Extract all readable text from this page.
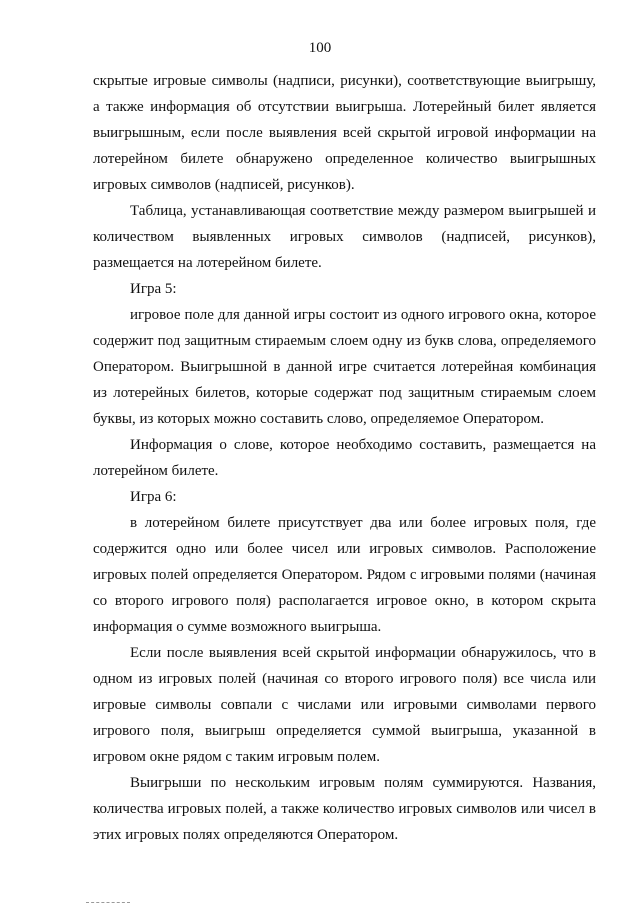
100

скрытые игровые символы (надписи, рисунки), соответствующие выигрышу, а также информация об отсутствии выигрыша. Лотерейный билет является выигрышным, если после выявления всей скрытой игровой информации на лотерейном билете обнаружено определенное количество выигрышных игровых символов (надписей, рисунков).

Таблица, устанавливающая соответствие между размером выигрышей и количеством выявленных игровых символов (надписей, рисунков), размещается на лотерейном билете.

Игра 5:

игровое поле для данной игры состоит из одного игрового окна, которое содержит под защитным стираемым слоем одну из букв слова, определяемого Оператором. Выигрышной в данной игре считается лотерейная комбинация из лотерейных билетов, которые содержат под защитным стираемым слоем буквы, из которых можно составить слово, определяемое Оператором.

Информация о слове, которое необходимо составить, размещается на лотерейном билете.

Игра 6:

в лотерейном билете присутствует два или более игровых поля, где содержится одно или более чисел или игровых символов. Расположение игровых полей определяется Оператором. Рядом с игровыми полями (начиная со второго игрового поля) располагается игровое окно, в котором скрыта информация о сумме возможного выигрыша.

Если после выявления всей скрытой информации обнаружилось, что в одном из игровых полей (начиная со второго игрового поля) все числа или игровые символы совпали с числами или игровыми символами первого игрового поля, выигрыш определяется суммой выигрыша, указанной в игровом окне рядом с таким игровым полем.

Выигрыши по нескольким игровым полям суммируются. Названия, количества игровых полей, а также количество игровых символов или чисел в этих игровых полях определяются Оператором.
